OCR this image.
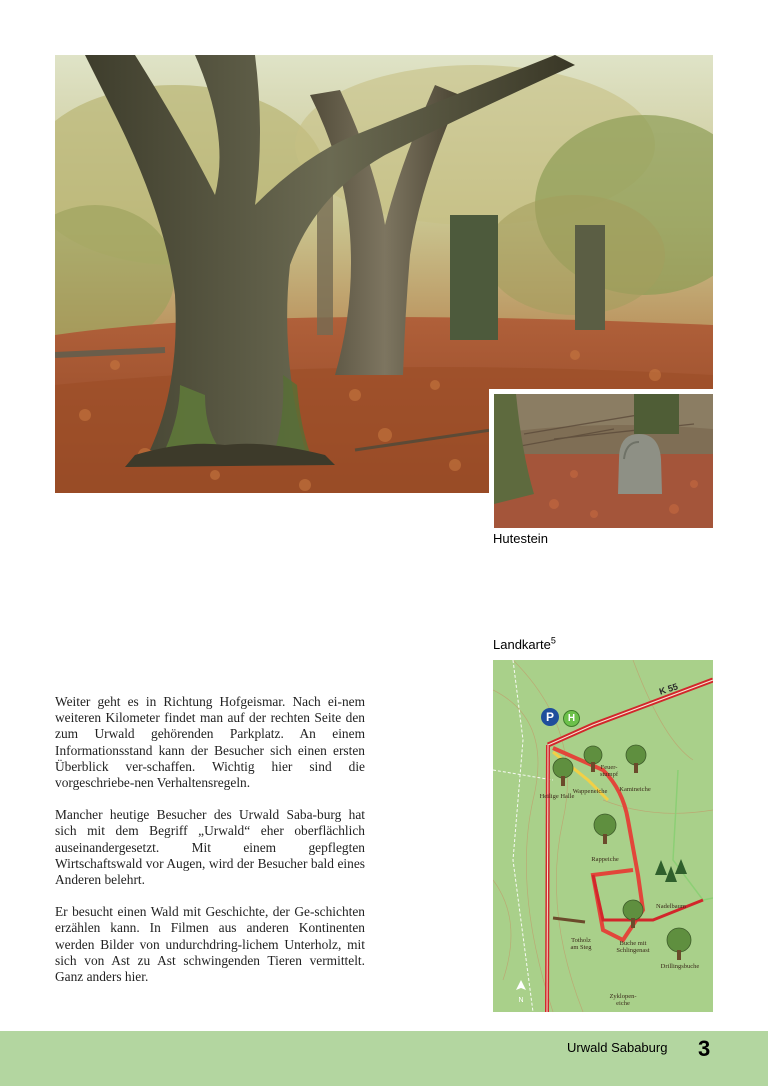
Hutestein
Landkarte$^5$

Weiter geht es in Richtung Hofgeismar. Nach ei-nem weiteren Kilometer findet man auf der rechten Seite den zum Urwald gehörenden Parkplatz. An einem Informationsstand kann der Besucher sich einen ersten Überblick ver-schaffen. Wichtig hier sind die vorgeschriebe-nen Verhaltensregeln.

Mancher heutige Besucher des Urwald Saba-burg hat sich mit dem Begriff „Urwald“ eher oberflächlich auseinandergesetzt. Mit einem gepflegten Wirtschaftswald vor Augen, wird der Besucher bald eines Anderen belehrt.

Er besucht einen Wald mit Geschichte, der Ge-schichten erzählen kann. In Filmen aus anderen Kontinenten werden Bilder von undurchdring-lichem Unterholz, mit sich von Ast zu Ast schwingenden Tieren vermittelt. Ganz anders hier.

N
P	H
K 55
Feuer-stumpf
Wappeneiche	Kamineiche
Heilige Halle
Rappeiche
Nadelbaum
Totholz am Steg
Buche mit Schlingenast
Drillingsbuche
Zyklopen-eiche
Urwald Sababurg 3
